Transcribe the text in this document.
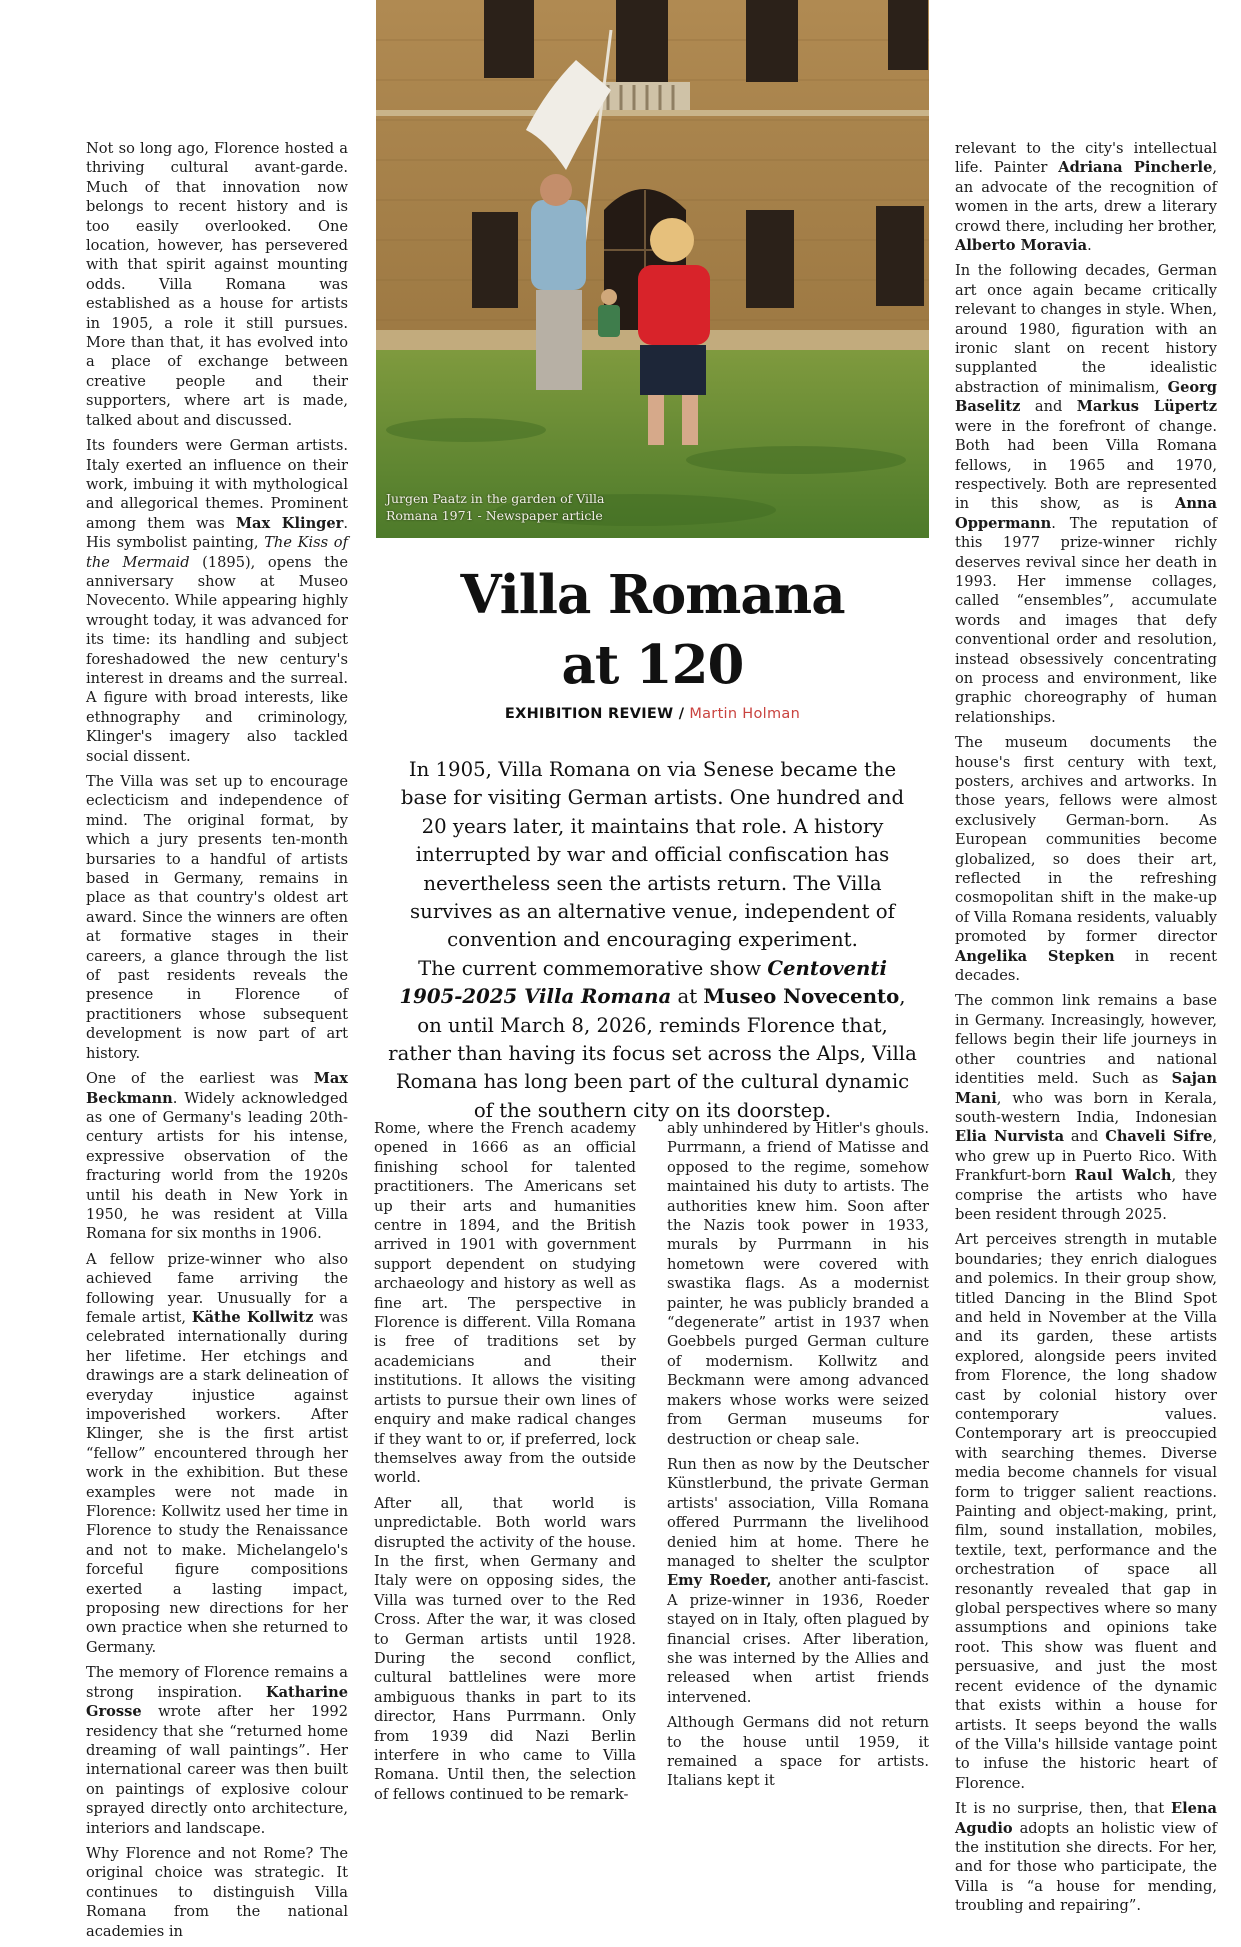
Jurgen Paatz in the garden of Villa
Romana 1971 - Newspaper article
Villa Romana
at 120
EXHIBITION REVIEW / Martin Holman

In 1905, Villa Romana on via Senese became the base for visiting German artists. One hundred and 20 years later, it maintains that role. A history interrupted by war and official confiscation has nevertheless seen the artists return. The Villa survives as an alternative venue, independent of convention and encouraging experiment.

The current commemorative show Centoventi 1905-2025 Villa Romana at Museo Novecento, on until March 8, 2026, reminds Florence that, rather than having its focus set across the Alps, Villa Romana has long been part of the cultural dynamic of the southern city on its doorstep.

Not so long ago, Florence hosted a thriving cultural avant-garde. Much of that innovation now belongs to recent history and is too easily overlooked. One location, however, has persevered with that spirit against mounting odds. Villa Romana was established as a house for artists in 1905, a role it still pursues. More than that, it has evolved into a place of exchange between creative people and their supporters, where art is made, talked about and discussed.

Its founders were German artists. Italy exerted an influence on their work, imbuing it with mythological and allegorical themes. Prominent among them was Max Klinger. His symbolist painting, The Kiss of the Mermaid (1895), opens the anniversary show at Museo Novecento. While appearing highly wrought today, it was advanced for its time: its handling and subject foreshadowed the new century's interest in dreams and the surreal. A figure with broad interests, like ethnography and criminology, Klinger's imagery also tackled social dissent.

The Villa was set up to encourage eclecticism and independence of mind. The original format, by which a jury presents ten-month bursaries to a handful of artists based in Germany, remains in place as that country's oldest art award. Since the winners are often at formative stages in their careers, a glance through the list of past residents reveals the presence in Florence of practitioners whose subsequent development is now part of art history.

One of the earliest was Max Beckmann. Widely acknowledged as one of Germany's leading 20th-century artists for his intense, expressive observation of the fracturing world from the 1920s until his death in New York in 1950, he was resident at Villa Romana for six months in 1906.

A fellow prize-winner who also achieved fame arriving the following year. Unusually for a female artist, Käthe Kollwitz was celebrated internationally during her lifetime. Her etchings and drawings are a stark delineation of everyday injustice against impoverished workers. After Klinger, she is the first artist “fellow” encountered through her work in the exhibition. But these examples were not made in Florence: Kollwitz used her time in Florence to study the Renaissance and not to make. Michelangelo's forceful figure compositions exerted a lasting impact, proposing new directions for her own practice when she returned to Germany.

The memory of Florence remains a strong inspiration. Katharine Grosse wrote after her 1992 residency that she “returned home dreaming of wall paintings”. Her international career was then built on paintings of explosive colour sprayed directly onto architecture, interiors and landscape.

Why Florence and not Rome? The original choice was strategic. It continues to distinguish Villa Romana from the national academies in

Rome, where the French academy opened in 1666 as an official finishing school for talented practitioners. The Americans set up their arts and humanities centre in 1894, and the British arrived in 1901 with government support dependent on studying archaeology and history as well as fine art. The perspective in Florence is different. Villa Romana is free of traditions set by academicians and their institutions. It allows the visiting artists to pursue their own lines of enquiry and make radical changes if they want to or, if preferred, lock themselves away from the outside world.

After all, that world is unpredictable. Both world wars disrupted the activity of the house. In the first, when Germany and Italy were on opposing sides, the Villa was turned over to the Red Cross. After the war, it was closed to German artists until 1928. During the second conflict, cultural battlelines were more ambiguous thanks in part to its director, Hans Purrmann. Only from 1939 did Nazi Berlin interfere in who came to Villa Romana. Until then, the selection of fellows continued to be remark-

ably unhindered by Hitler's ghouls. Purrmann, a friend of Matisse and opposed to the regime, somehow maintained his duty to artists. The authorities knew him. Soon after the Nazis took power in 1933, murals by Purrmann in his hometown were covered with swastika flags. As a modernist painter, he was publicly branded a “degenerate” artist in 1937 when Goebbels purged German culture of modernism. Kollwitz and Beckmann were among advanced makers whose works were seized from German museums for destruction or cheap sale.

Run then as now by the Deutscher Künstlerbund, the private German artists' association, Villa Romana offered Purrmann the livelihood denied him at home. There he managed to shelter the sculptor Emy Roeder, another anti-fascist. A prize-winner in 1936, Roeder stayed on in Italy, often plagued by financial crises. After liberation, she was interned by the Allies and released when artist friends intervened.

Although Germans did not return to the house until 1959, it remained a space for artists. Italians kept it

relevant to the city's intellectual life. Painter Adriana Pincherle, an advocate of the recognition of women in the arts, drew a literary crowd there, including her brother, Alberto Moravia.

In the following decades, German art once again became critically relevant to changes in style. When, around 1980, figuration with an ironic slant on recent history supplanted the idealistic abstraction of minimalism, Georg Baselitz and Markus Lüpertz were in the forefront of change. Both had been Villa Romana fellows, in 1965 and 1970, respectively. Both are represented in this show, as is Anna Oppermann. The reputation of this 1977 prize-winner richly deserves revival since her death in 1993. Her immense collages, called “ensembles”, accumulate words and images that defy conventional order and resolution, instead obsessively concentrating on process and environment, like graphic choreography of human relationships.

The museum documents the house's first century with text, posters, archives and artworks. In those years, fellows were almost exclusively German-born. As European communities become globalized, so does their art, reflected in the refreshing cosmopolitan shift in the make-up of Villa Romana residents, valuably promoted by former director Angelika Stepken in recent decades.

The common link remains a base in Germany. Increasingly, however, fellows begin their life journeys in other countries and national identities meld. Such as Sajan Mani, who was born in Kerala, south-western India, Indonesian Elia Nurvista and Chaveli Sifre, who grew up in Puerto Rico. With Frankfurt-born Raul Walch, they comprise the artists who have been resident through 2025.

Art perceives strength in mutable boundaries; they enrich dialogues and polemics. In their group show, titled Dancing in the Blind Spot and held in November at the Villa and its garden, these artists explored, alongside peers invited from Florence, the long shadow cast by colonial history over contemporary values. Contemporary art is preoccupied with searching themes. Diverse media become channels for visual form to trigger salient reactions. Painting and object-making, print, film, sound installation, mobiles, textile, text, performance and the orchestration of space all resonantly revealed that gap in global perspectives where so many assumptions and opinions take root. This show was fluent and persuasive, and just the most recent evidence of the dynamic that exists within a house for artists. It seeps beyond the walls of the Villa's hillside vantage point to infuse the historic heart of Florence.

It is no surprise, then, that Elena Agudio adopts an holistic view of the institution she directs. For her, and for those who participate, the Villa is “a house for mending, troubling and repairing”.
